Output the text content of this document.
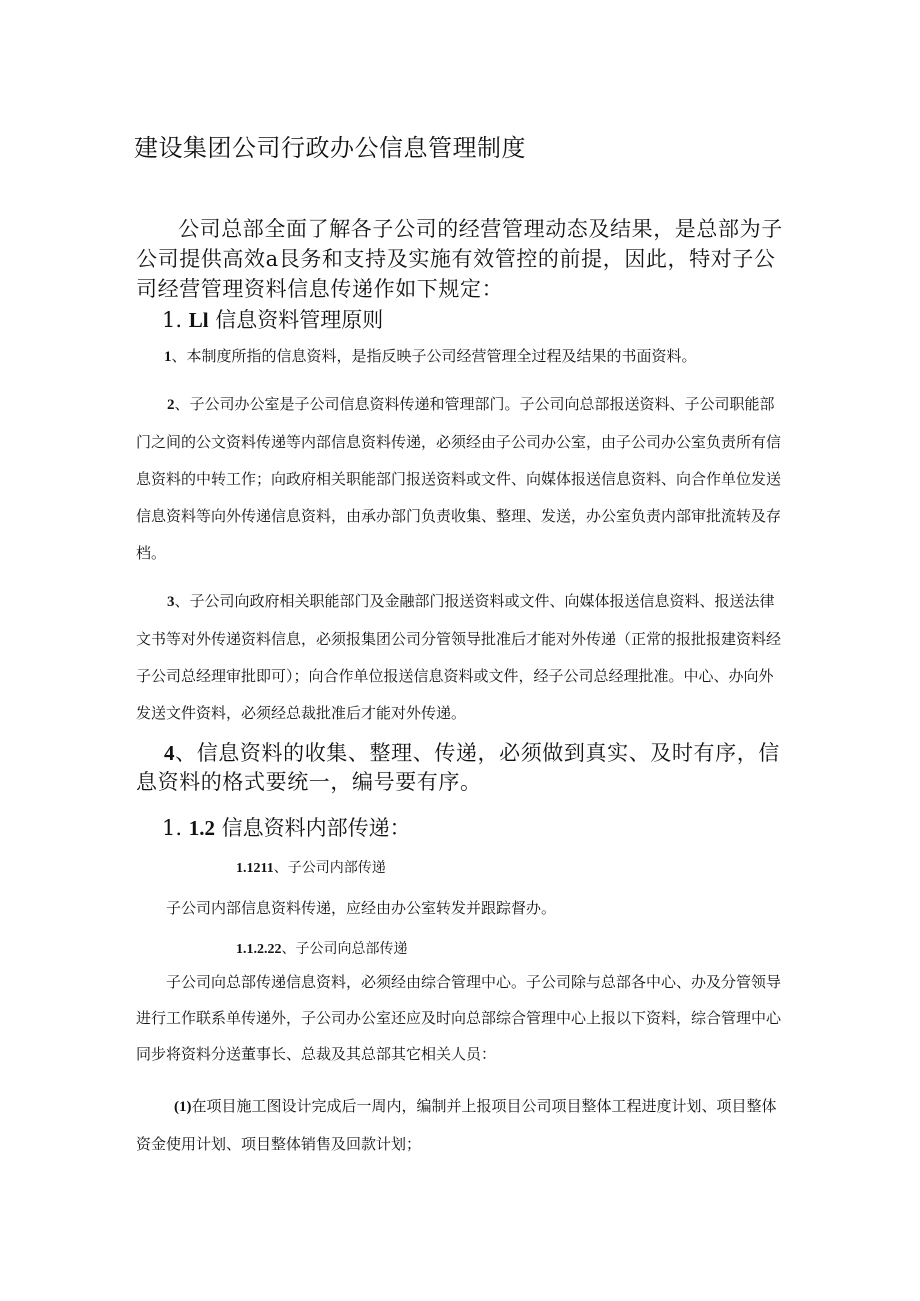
建设集团公司行政办公信息管理制度
公司总部全面了解各子公司的经营管理动态及结果，是总部为子公司提供高效a艮务和支持及实施有效管控的前提，因此，特对子公司经营管理资料信息传递作如下规定：
1. Ll 信息资料管理原则
1、本制度所指的信息资料，是指反映子公司经营管理全过程及结果的书面资料。
2、子公司办公室是子公司信息资料传递和管理部门。子公司向总部报送资料、子公司职能部门之间的公文资料传递等内部信息资料传递，必须经由子公司办公室，由子公司办公室负责所有信息资料的中转工作；向政府相关职能部门报送资料或文件、向媒体报送信息资料、向合作单位发送信息资料等向外传递信息资料，由承办部门负责收集、整理、发送，办公室负责内部审批流转及存档。
3、子公司向政府相关职能部门及金融部门报送资料或文件、向媒体报送信息资料、报送法律文书等对外传递资料信息，必须报集团公司分管领导批准后才能对外传递（正常的报批报建资料经子公司总经理审批即可）；向合作单位报送信息资料或文件，经子公司总经理批准。中心、办向外发送文件资料，必须经总裁批准后才能对外传递。
4、信息资料的收集、整理、传递，必须做到真实、及时有序，信息资料的格式要统一，编号要有序。
1. 1.2 信息资料内部传递：
1.1211、子公司内部传递
子公司内部信息资料传递，应经由办公室转发并跟踪督办。
1.1.2.22、子公司向总部传递
子公司向总部传递信息资料，必须经由综合管理中心。子公司除与总部各中心、办及分管领导进行工作联系单传递外，子公司办公室还应及时向总部综合管理中心上报以下资料，综合管理中心同步将资料分送董事长、总裁及其总部其它相关人员：
(1)在项目施工图设计完成后一周内，编制并上报项目公司项目整体工程进度计划、项目整体资金使用计划、项目整体销售及回款计划；
